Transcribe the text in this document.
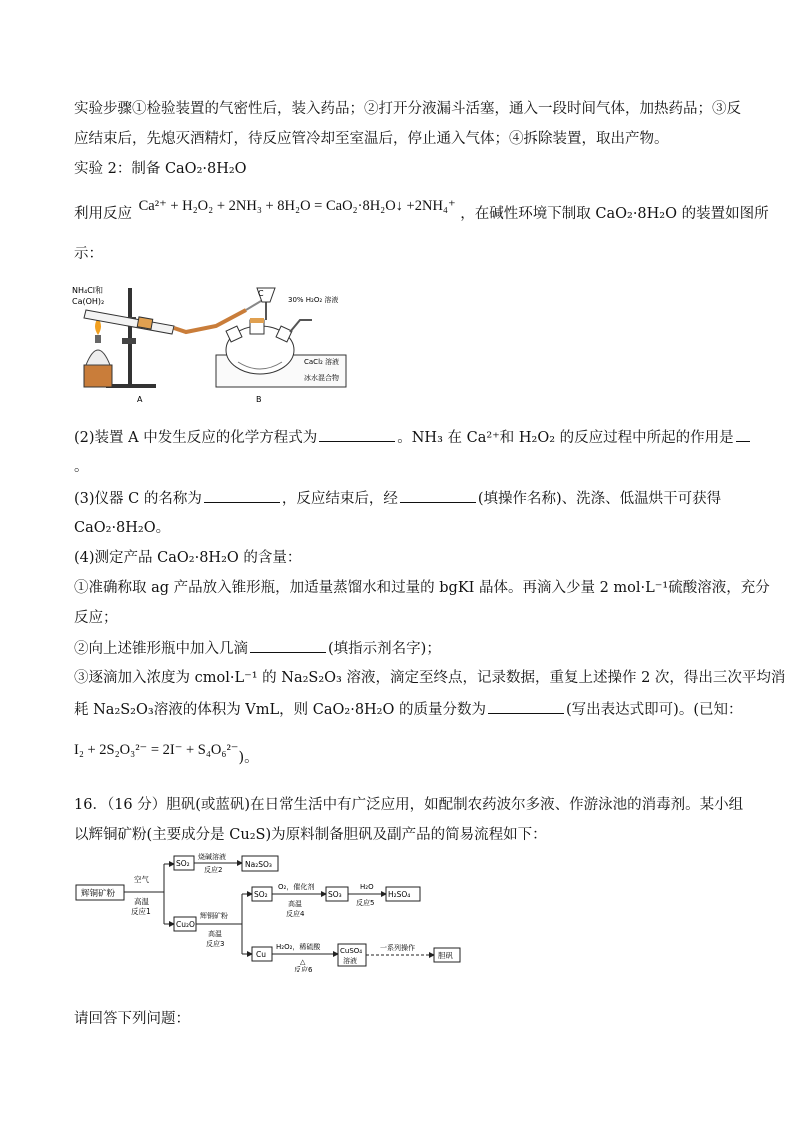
实验步骤①检验装置的气密性后，装入药品；②打开分液漏斗活塞，通入一段时间气体，加热药品；③反
应结束后，先熄灭酒精灯，待反应管冷却至室温后，停止通入气体；④拆除装置，取出产物。
实验 2：制备 CaO₂·8H₂O
利用反应 Ca²⁺ + H₂O₂ + 2NH₃ + 8H₂O = CaO₂·8H₂O↓ +2NH₄⁺ ，在碱性环境下制取 CaO₂·8H₂O 的装置如图所
示：
NH₄Cl和
Ca(OH)₂
A
C
30% H₂O₂ 溶液
CaCl₂ 溶液
冰水混合物
B
(2)装置 A 中发生反应的化学方程式为	。NH₃ 在 Ca²⁺和 H₂O₂ 的反应过程中所起的作用是
。
(3)仪器 C 的名称为	，反应结束后，经	(填操作名称)、洗涤、低温烘干可获得
CaO₂·8H₂O。
(4)测定产品 CaO₂·8H₂O 的含量：
①准确称取 ag 产品放入锥形瓶，加适量蒸馏水和过量的 bgKI 晶体。再滴入少量 2 mol·L⁻¹硫酸溶液，充分
反应；
②向上述锥形瓶中加入几滴	(填指示剂名字)；
③逐滴加入浓度为 cmol·L⁻¹ 的 Na₂S₂O₃ 溶液，滴定至终点，记录数据，重复上述操作 2 次，得出三次平均消
耗 Na₂S₂O₃溶液的体积为 VmL，则 CaO₂·8H₂O 的质量分数为	(写出表达式即可)。(已知：
I₂ + 2S₂O₃²⁻ = 2I⁻ + S₄O₆²⁻)。
16．（16 分）胆矾(或蓝矾)在日常生活中有广泛应用，如配制农药波尔多液、作游泳池的消毒剂。某小组
以辉铜矿粉(主要成分是 Cu₂S)为原料制备胆矾及副产品的简易流程如下：
辉铜矿粉
空气
高温
反应1
SO₂
烧碱溶液
反应2
Na₂SO₃
Cu₂O
辉铜矿粉
高温
反应3
SO₂
O₂，催化剂
高温
反应4
SO₃
H₂O
反应5
H₂SO₄
Cu
H₂O₂，稀硫酸
△
反应6
CuSO₄
溶液
一系列操作
胆矾
请回答下列问题：
